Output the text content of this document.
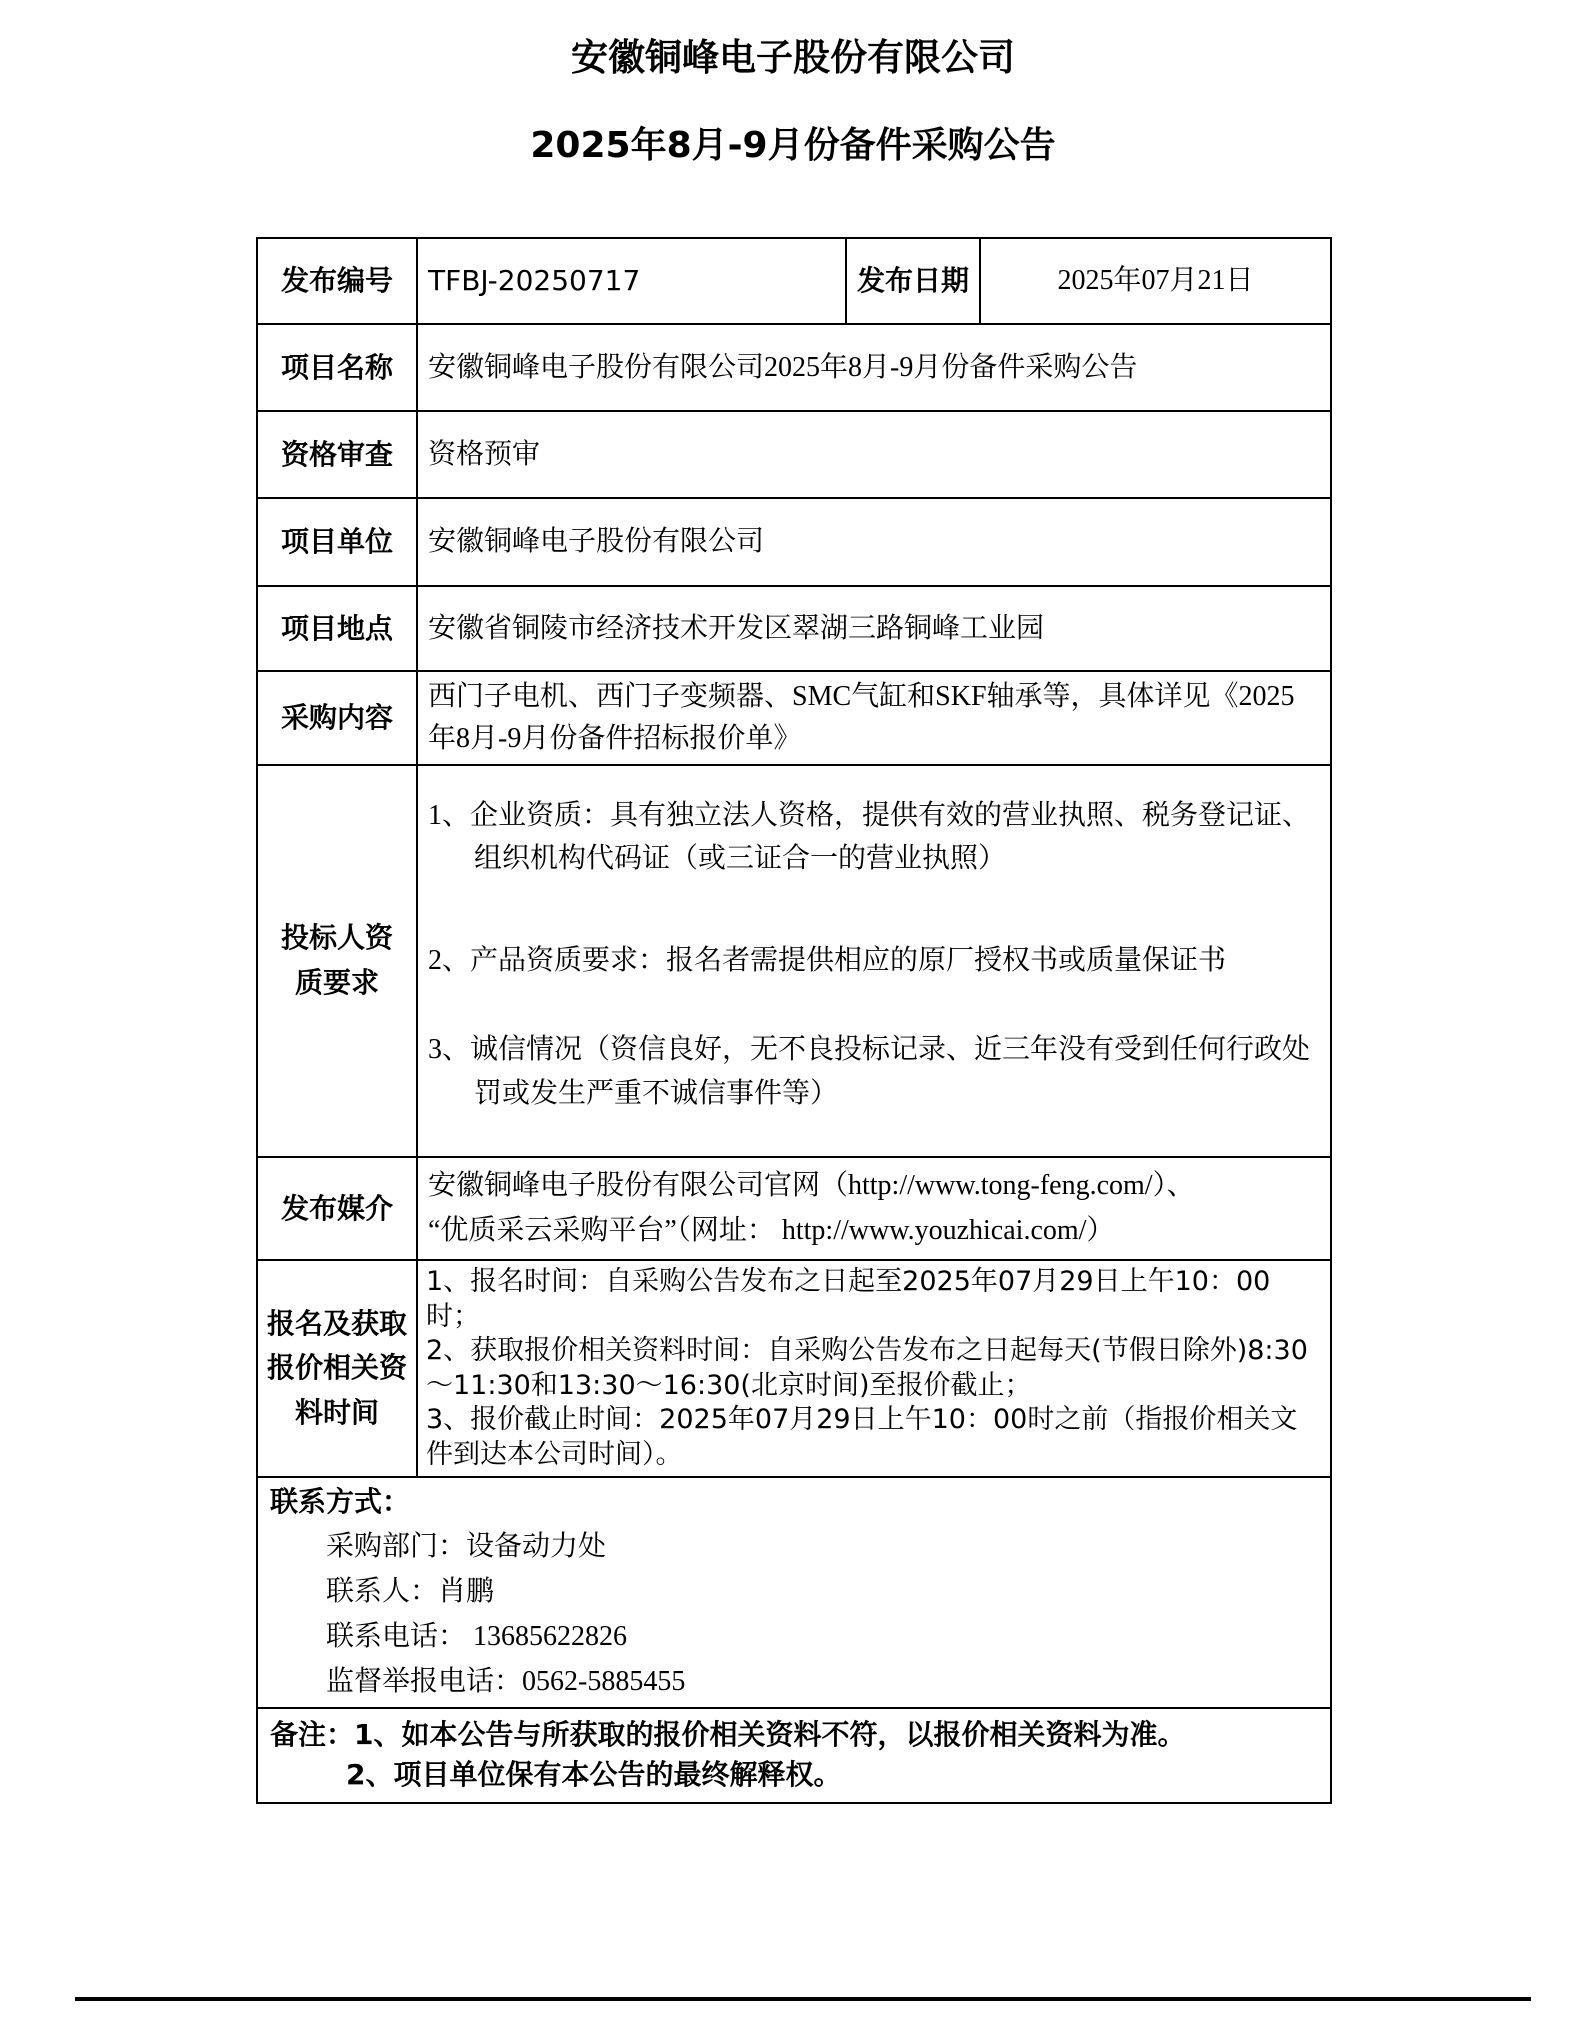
安徽铜峰电子股份有限公司
2025年8月-9月份备件采购公告
发布编号	TFBJ-20250717	发布日期	2025年07月21日
项目名称	安徽铜峰电子股份有限公司2025年8月-9月份备件采购公告		
资格审查	资格预审		
项目单位	安徽铜峰电子股份有限公司		
项目地点	安徽省铜陵市经济技术开发区翠湖三路铜峰工业园		
采购内容	西门子电机、西门子变频器、SMC气缸和SKF轴承等，具体详见《2025年8月-9月份备件招标报价单》		
投标人资质要求	1、企业资质：具有独立法人资格，提供有效的营业执照、税务登记证、组织机构代码证（或三证合一的营业执照）

2、产品资质要求：报名者需提供相应的原厂授权书或质量保证书

3、诚信情况（资信良好，无不良投标记录、近三年没有受到任何行政处罚或发生严重不诚信事件等）		

发布媒介	安徽铜峰电子股份有限公司官网（http://www.tong-feng.com/）、
“优质采云采购平台”（网址： http://www.youzhicai.com/）		

报名及获取报价相关资料时间	1、报名时间：自采购公告发布之日起至2025年07月29日上午10：00时；

2、获取报价相关资料时间：自采购公告发布之日起每天(节假日除外)8:30～11:30和13:30～16:30(北京时间)至报价截止；

3、报价截止时间：2025年07月29日上午10：00时之前（指报价相关文件到达本公司时间）。		

联系方式：
采购部门：设备动力处
联系人：肖鹏
联系电话： 13685622826
监督举报电话：0562-5885455			

备注：1、如本公告与所获取的报价相关资料不符，以报价相关资料为准。
2、项目单位保有本公告的最终解释权。			
